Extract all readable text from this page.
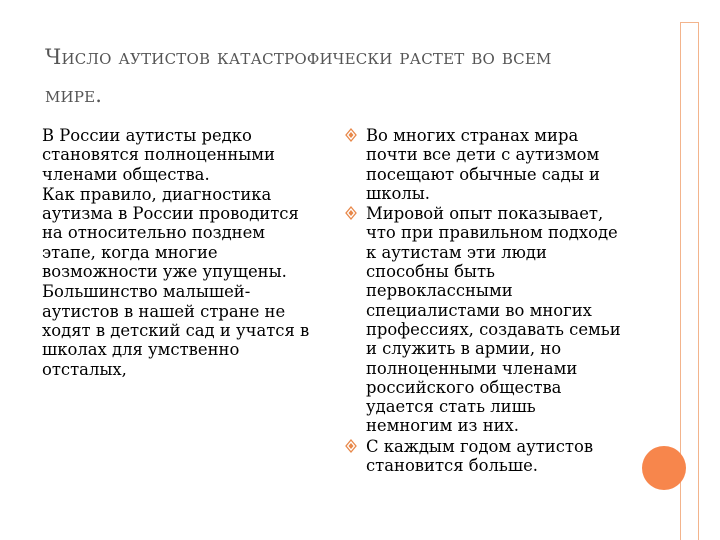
Число аутистов катастрофически растет во всем мире.

В России аутисты редко становятся полноценными членами общества.

Как правило, диагностика аутизма в России проводится на относительно позднем этапе, когда многие возможности уже упущены.

Большинство малышей-аутистов в нашей стране не ходят в детский сад и учатся в школах для умственно отсталых,

Во многих странах мира почти все дети с аутизмом посещают обычные сады и школы.
Мировой опыт показывает, что при правильном подходе к аутистам эти люди способны быть первоклассными специалистами во многих профессиях, создавать семьи и служить в армии, но полноценными членами российского общества удается стать лишь немногим из них.
С каждым годом аутистов становится больше.
